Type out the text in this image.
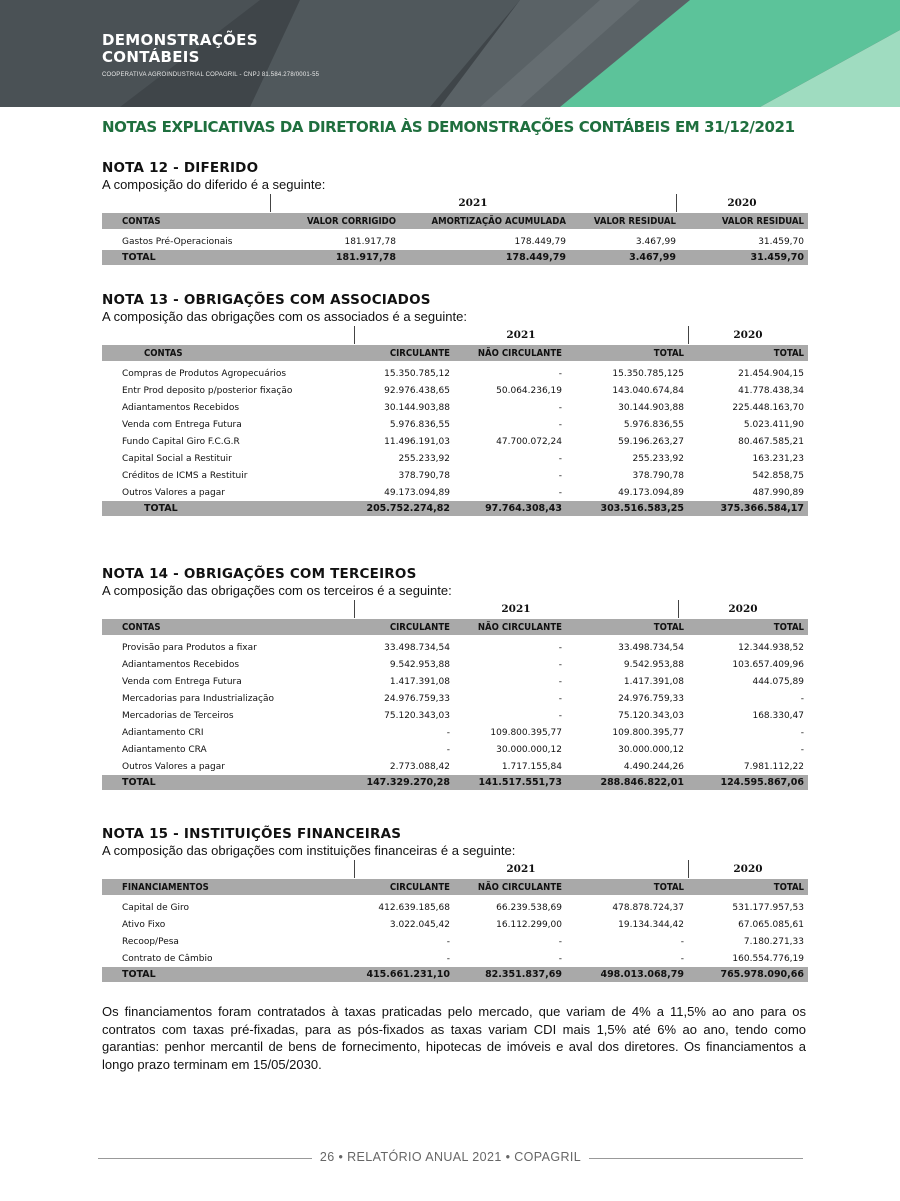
DEMONSTRAÇÕES
CONTÁBEIS
COOPERATIVA AGROINDUSTRIAL COPAGRIL - CNPJ 81.584.278/0001-55
NOTAS EXPLICATIVAS DA DIRETORIA ÀS DEMONSTRAÇÕES CONTÁBEIS EM 31/12/2021
NOTA 12 - DIFERIDO
A composição do diferido é a seguinte:
2021	2020
CONTAS	VALOR CORRIGIDO	AMORTIZAÇÃO ACUMULADA	VALOR RESIDUAL	VALOR RESIDUAL

Gastos Pré-Operacionais	181.917,78	178.449,79	3.467,99	31.459,70
TOTAL	181.917,78	178.449,79	3.467,99	31.459,70
NOTA 13 - OBRIGAÇÕES COM ASSOCIADOS
A composição das obrigações com os associados é a seguinte:
2021	2020
CONTAS	CIRCULANTE	NÃO CIRCULANTE	TOTAL	TOTAL

Compras de Produtos Agropecuários	15.350.785,12	-	15.350.785,125	21.454.904,15
Entr Prod deposito p/posterior fixação	92.976.438,65	50.064.236,19	143.040.674,84	41.778.438,34
Adiantamentos Recebidos	30.144.903,88	-	30.144.903,88	225.448.163,70
Venda com Entrega Futura	5.976.836,55	-	5.976.836,55	5.023.411,90
Fundo Capital Giro F.C.G.R	11.496.191,03	47.700.072,24	59.196.263,27	80.467.585,21
Capital Social a Restituir	255.233,92	-	255.233,92	163.231,23
Créditos de ICMS a Restituir	378.790,78	-	378.790,78	542.858,75
Outros Valores a pagar	49.173.094,89	-	49.173.094,89	487.990,89
TOTAL	205.752.274,82	97.764.308,43	303.516.583,25	375.366.584,17
NOTA 14 - OBRIGAÇÕES COM TERCEIROS
A composição das obrigações com os terceiros é a seguinte:
2021	2020
CONTAS	CIRCULANTE	NÃO CIRCULANTE	TOTAL	TOTAL

Provisão para Produtos a fixar	33.498.734,54	-	33.498.734,54	12.344.938,52
Adiantamentos Recebidos	9.542.953,88	-	9.542.953,88	103.657.409,96
Venda com Entrega Futura	1.417.391,08	-	1.417.391,08	444.075,89
Mercadorias para Industrialização	24.976.759,33	-	24.976.759,33	-
Mercadorias de Terceiros	75.120.343,03	-	75.120.343,03	168.330,47
Adiantamento CRI	-	109.800.395,77	109.800.395,77	-
Adiantamento CRA	-	30.000.000,12	30.000.000,12	-
Outros Valores a pagar	2.773.088,42	1.717.155,84	4.490.244,26	7.981.112,22
TOTAL	147.329.270,28	141.517.551,73	288.846.822,01	124.595.867,06
NOTA 15 - INSTITUIÇÕES FINANCEIRAS
A composição das obrigações com instituições financeiras é a seguinte:
2021	2020
FINANCIAMENTOS	CIRCULANTE	NÃO CIRCULANTE	TOTAL	TOTAL

Capital de Giro	412.639.185,68	66.239.538,69	478.878.724,37	531.177.957,53
Ativo Fixo	3.022.045,42	16.112.299,00	19.134.344,42	67.065.085,61
Recoop/Pesa	-	-	-	7.180.271,33
Contrato de Câmbio	-	-	-	160.554.776,19
TOTAL	415.661.231,10	82.351.837,69	498.013.068,79	765.978.090,66
Os financiamentos foram contratados à taxas praticadas pelo mercado, que variam de 4% a 11,5% ao ano para os contratos com taxas pré-fixadas, para as pós-fixados as taxas variam CDI mais 1,5% até 6% ao ano, tendo como garantias: penhor mercantil de bens de fornecimento, hipotecas de imóveis e aval dos diretores. Os financiamentos a longo prazo terminam em 15/05/2030.
26 • RELATÓRIO ANUAL 2021 • COPAGRIL
